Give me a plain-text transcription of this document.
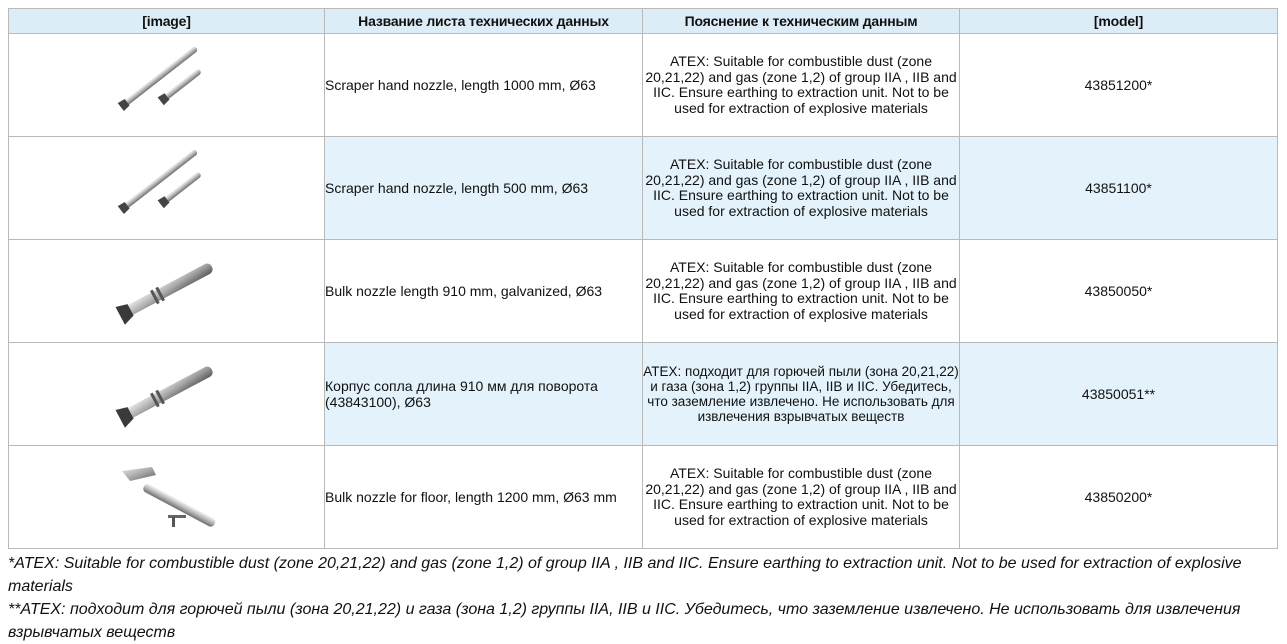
[image]	Название листа технических данных	Пояснение к техническим данным	[model]

	Scraper hand nozzle, length 1000 mm, Ø63	ATEX: Suitable for combustible dust (zone 20,21,22) and gas (zone 1,2) of group IIA , IIB and IIC. Ensure earthing to extraction unit. Not to be used for extraction of explosive materials	43851200*

	Scraper hand nozzle, length 500 mm, Ø63	ATEX: Suitable for combustible dust (zone 20,21,22) and gas (zone 1,2) of group IIA , IIB and IIC. Ensure earthing to extraction unit. Not to be used for extraction of explosive materials	43851100*

	Bulk nozzle length 910 mm, galvanized, Ø63	ATEX: Suitable for combustible dust (zone 20,21,22) and gas (zone 1,2) of group IIA , IIB and IIC. Ensure earthing to extraction unit. Not to be used for extraction of explosive materials	43850050*

	Корпус сопла длина 910 мм для поворота (43843100), Ø63	ATEX: подходит для горючей пыли (зона 20,21,22) и газа (зона 1,2) группы IIA, IIB и IIC. Убедитесь, что заземление извлечено. Не использовать для извлечения взрывчатых веществ	43850051**

	Bulk nozzle for floor, length 1200 mm, Ø63 mm	ATEX: Suitable for combustible dust (zone 20,21,22) and gas (zone 1,2) of group IIA , IIB and IIC. Ensure earthing to extraction unit. Not to be used for extraction of explosive materials	43850200*

*ATEX: Suitable for combustible dust (zone 20,21,22) and gas (zone 1,2) of group IIA , IIB and IIC. Ensure earthing to extraction unit. Not to be used for extraction of explosive materials

**ATEX: подходит для горючей пыли (зона 20,21,22) и газа (зона 1,2) группы IIA, IIB и IIC. Убедитесь, что заземление извлечено. Не использовать для извлечения взрывчатых веществ
